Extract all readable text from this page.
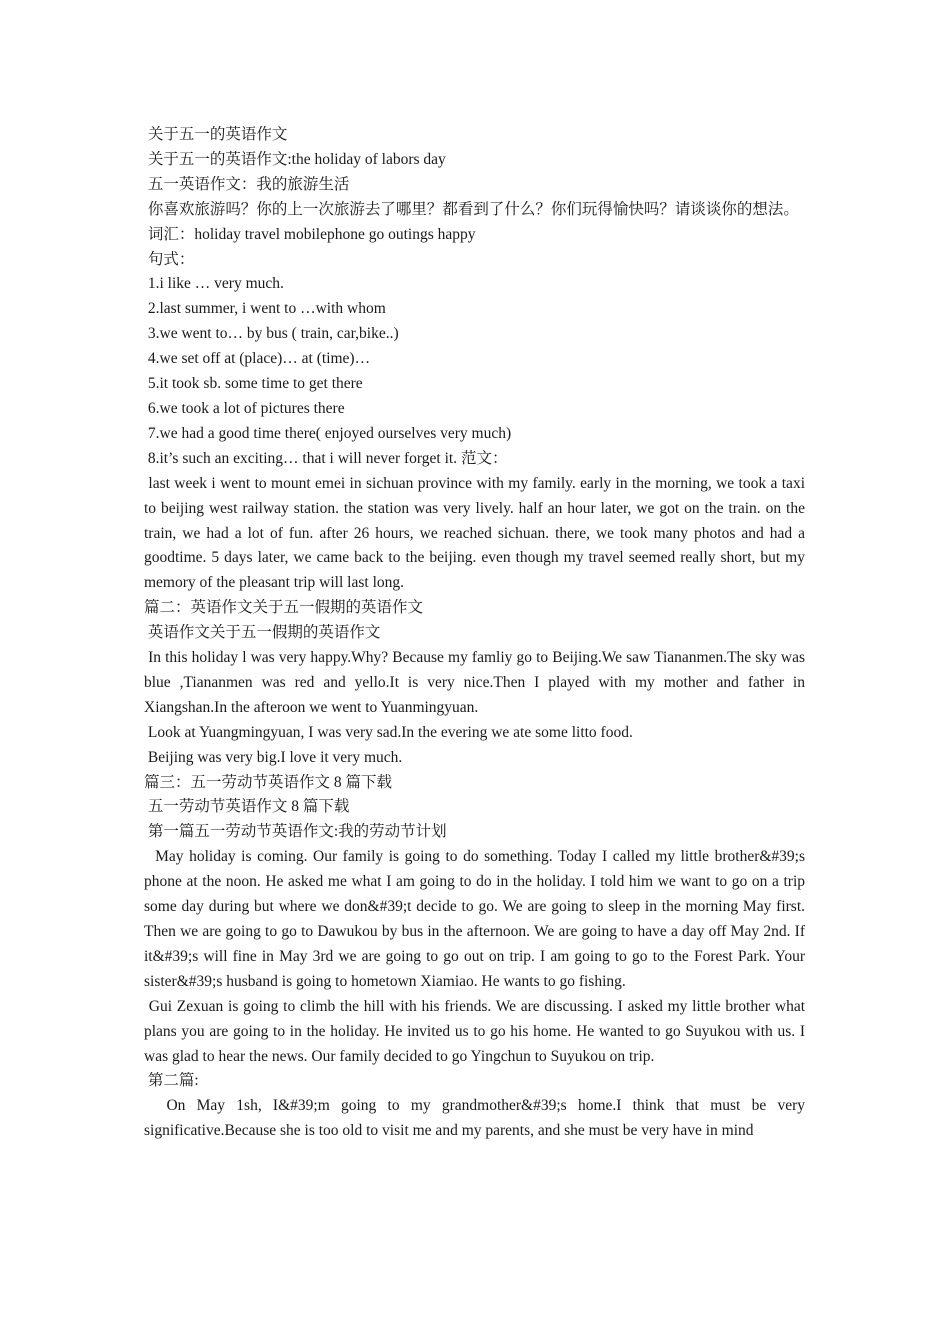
关于五一的英语作文

关于五一的英语作文:the holiday of labors day

五一英语作文：我的旅游生活

你喜欢旅游吗？你的上一次旅游去了哪里？都看到了什么？你们玩得愉快吗？请谈谈你的想法。

词汇：holiday travel mobilephone go outings happy

句式：

1.i like … very much.

2.last summer, i went to …with whom

3.we went to… by bus ( train, car,bike..)

4.we set off at (place)… at (time)…

5.it took sb. some time to get there

6.we took a lot of pictures there

7.we had a good time there( enjoyed ourselves very much)

8.it’s such an exciting… that i will never forget it. 范文：

last week i went to mount emei in sichuan province with my family. early in the morning, we took a taxi to beijing west railway station. the station was very lively. half an hour later, we got on the train. on the train, we had a lot of fun. after 26 hours, we reached sichuan. there, we took many photos and had a goodtime. 5 days later, we came back to the beijing. even though my travel seemed really short, but my memory of the pleasant trip will last long.

篇二：英语作文关于五一假期的英语作文

英语作文关于五一假期的英语作文

In this holiday l was very happy.Why? Because my famliy go to Beijing.We saw Tiananmen.The sky was blue ,Tiananmen was red and yello.It is very nice.Then I played with my mother and father in Xiangshan.In the afteroon we went to Yuanmingyuan.

Look at Yuangmingyuan, I was very sad.In the evering we ate some litto food.

Beijing was very big.I love it very much.

篇三：五一劳动节英语作文 8 篇下载

五一劳动节英语作文 8 篇下载

第一篇五一劳动节英语作文:我的劳动节计划

May holiday is coming. Our family is going to do something. Today I called my little brother&#39;s phone at the noon. He asked me what I am going to do in the holiday. I told him we want to go on a trip some day during but where we don&#39;t decide to go. We are going to sleep in the morning May first. Then we are going to go to Dawukou by bus in the afternoon. We are going to have a day off May 2nd. If it&#39;s will fine in May 3rd we are going to go out on trip. I am going to go to the Forest Park. Your sister&#39;s husband is going to hometown Xiamiao. He wants to go fishing.

Gui Zexuan is going to climb the hill with his friends. We are discussing. I asked my little brother what plans you are going to in the holiday. He invited us to go his home. He wanted to go Suyukou with us. I was glad to hear the news. Our family decided to go Yingchun to Suyukou on trip.

第二篇:

On May 1sh, I&#39;m going to my grandmother&#39;s home.I think that must be very significative.Because she is too old to visit me and my parents, and she must be very have in mind
